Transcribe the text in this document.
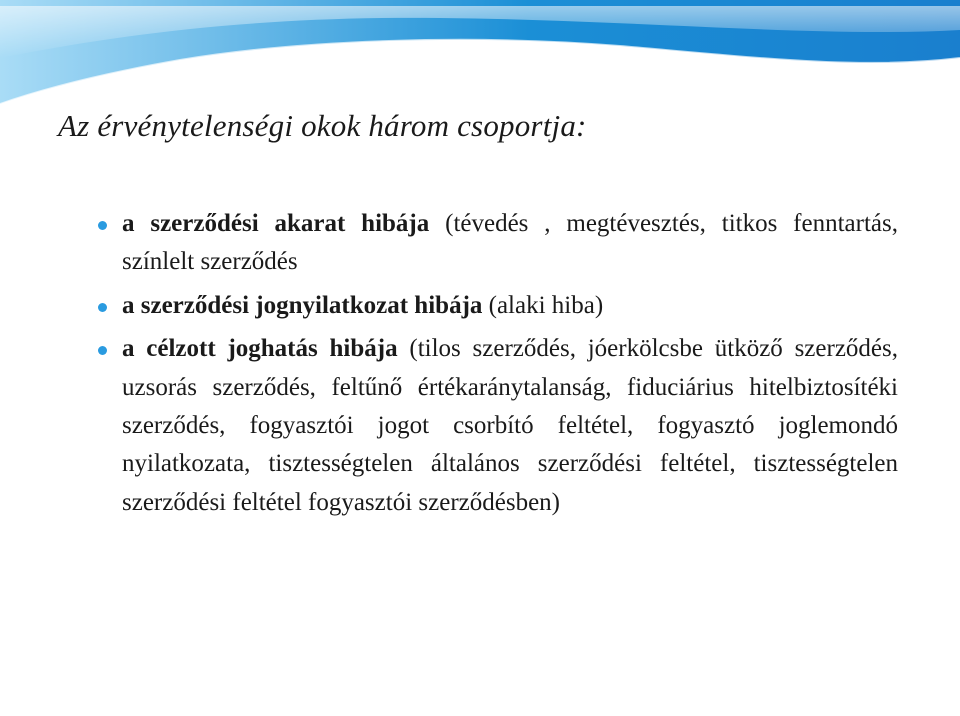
Az érvénytelenségi okok három csoportja:
a szerződési akarat hibája (tévedés , megtévesztés, titkos fenntartás, színlelt szerződés
a szerződési jognyilatkozat hibája (alaki hiba)
a célzott joghatás hibája (tilos szerződés, jóerkölcsbe ütköző szerződés, uzsorás szerződés, feltűnő értékaránytalanság, fiduciárius hitelbiztosítéki szerződés, fogyasztói jogot csorbító feltétel, fogyasztó joglemondó nyilatkozata, tisztességtelen általános szerződési feltétel, tisztességtelen szerződési feltétel fogyasztói szerződésben)
